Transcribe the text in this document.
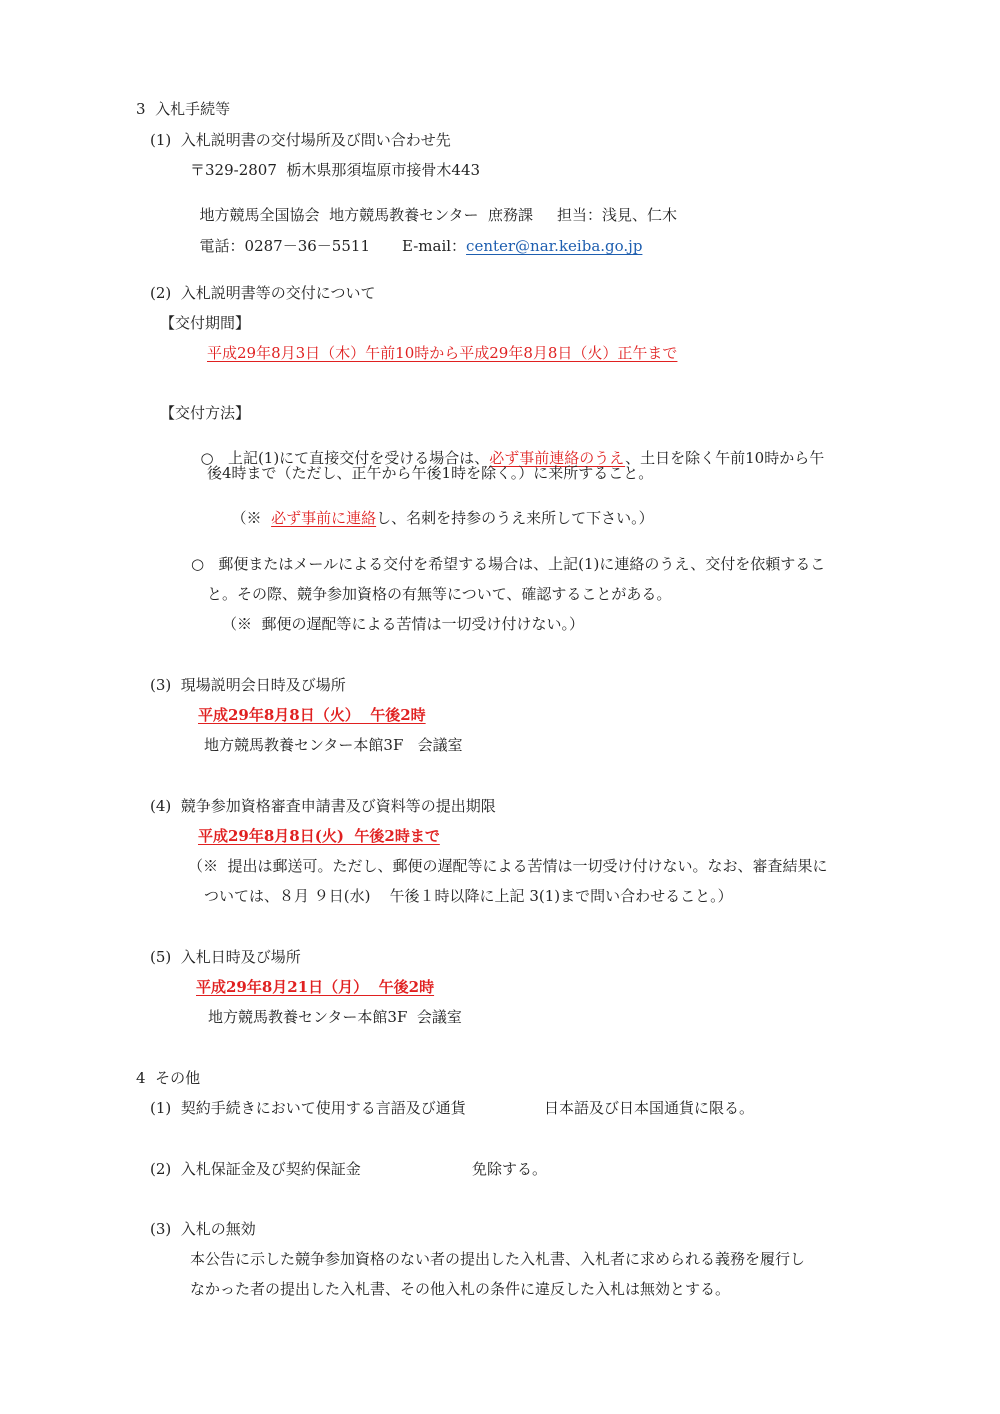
3  入札手続等
(1)  入札説明書の交付場所及び問い合わせ先
〒329-2807  栃木県那須塩原市接骨木443

地方競馬全国協会  地方競馬教養センター  庶務課 担当：浅見、仁木

電話：0287－36－5511 E-mail：center@nar.keiba.go.jp

(2)  入札説明書等の交付について
【交付期間】
平成29年8月3日（木）午前10時から平成29年8月8日（火）正午まで
【交付方法】

○   上記(1)にて直接交付を受ける場合は、必ず事前連絡のうえ、土日を除く午前10時から午

後4時まで（ただし、正午から午後1時を除く。）に来所すること。

（※  必ず事前に連絡し、名刺を持参のうえ来所して下さい。）

○   郵便またはメールによる交付を希望する場合は、上記(1)に連絡のうえ、交付を依頼するこ
と。その際、競争参加資格の有無等について、確認することがある。
（※  郵便の遅配等による苦情は一切受け付けない。）
(3)  現場説明会日時及び場所
平成29年8月8日（火）  午後2時
地方競馬教養センター本館3F   会議室
(4)  競争参加資格審査申請書及び資料等の提出期限
平成29年8月8日(火)  午後2時まで
（※  提出は郵送可。ただし、郵便の遅配等による苦情は一切受け付けない。なお、審査結果に
ついては、８月 ９日(水)    午後１時以降に上記 3(1)まで問い合わせること。）
(5)  入札日時及び場所
平成29年8月21日（月）  午後2時
地方競馬教養センター本館3F  会議室
4  その他
(1)  契約手続きにおいて使用する言語及び通貨	日本語及び日本国通貨に限る。
(2)  入札保証金及び契約保証金	免除する。
(3)  入札の無効
本公告に示した競争参加資格のない者の提出した入札書、入札者に求められる義務を履行し
なかった者の提出した入札書、その他入札の条件に違反した入札は無効とする。
